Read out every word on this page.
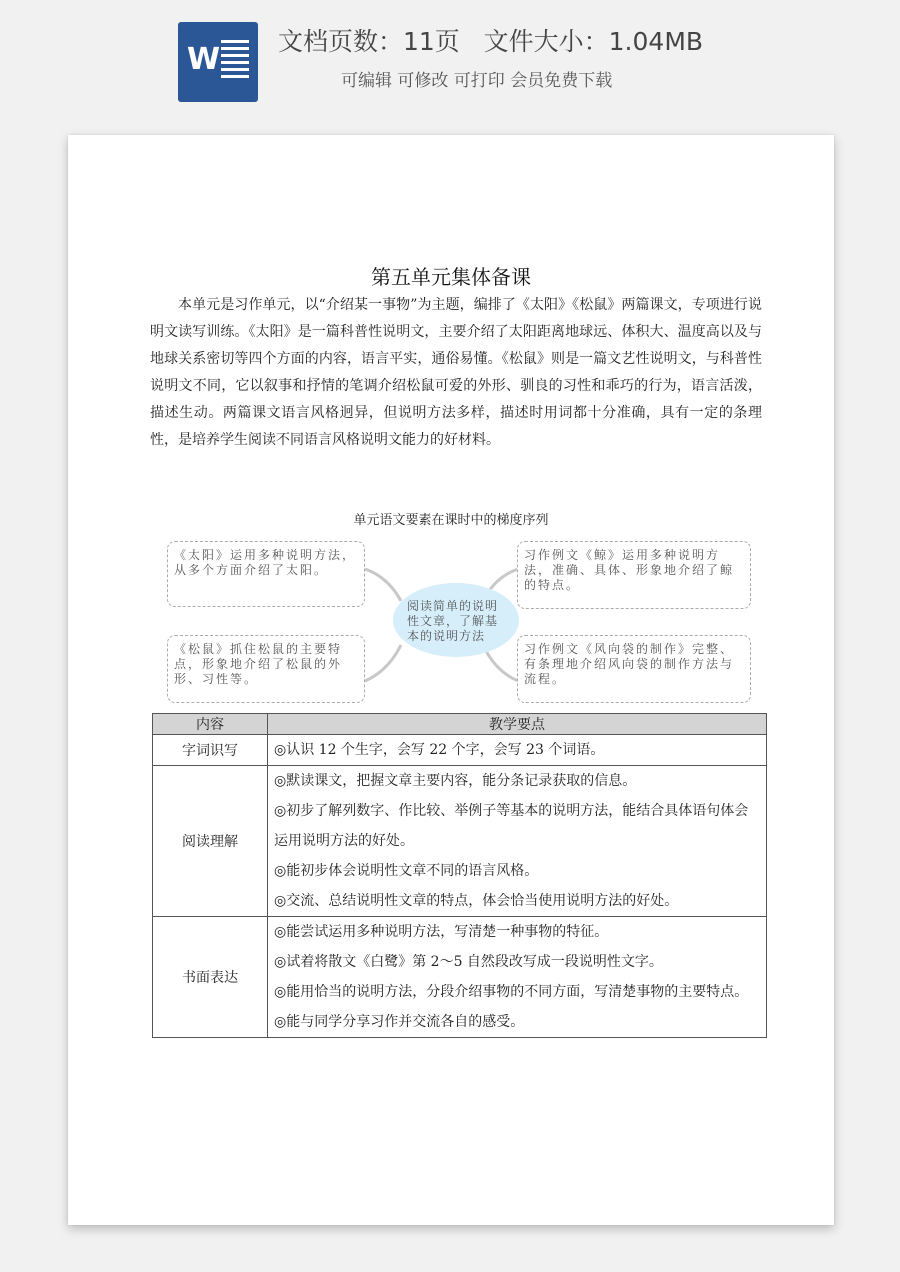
W
文档页数：11页   文件大小：1.04MB
可编辑 可修改 可打印 会员免费下载
第五单元集体备课

本单元是习作单元，以“介绍某一事物”为主题，编排了《太阳》《松鼠》两篇课文，专项进行说明文读写训练。《太阳》是一篇科普性说明文，主要介绍了太阳距离地球远、体积大、温度高以及与地球关系密切等四个方面的内容，语言平实，通俗易懂。《松鼠》则是一篇文艺性说明文，与科普性说明文不同，它以叙事和抒情的笔调介绍松鼠可爱的外形、驯良的习性和乖巧的行为，语言活泼，描述生动。两篇课文语言风格迥异，但说明方法多样，描述时用词都十分准确，具有一定的条理性，是培养学生阅读不同语言风格说明文能力的好材料。

单元语文要素在课时中的梯度序列
《太阳》运用多种说明方法，从多个方面介绍了太阳。
《松鼠》抓住松鼠的主要特点，形象地介绍了松鼠的外形、习性等。
习作例文《鲸》运用多种说明方法，准确、具体、形象地介绍了鲸的特点。
习作例文《风向袋的制作》完整、有条理地介绍风向袋的制作方法与流程。
阅读简单的说明性文章，了解基本的说明方法
内容	教学要点
字词识写	◎认识 12 个生字，会写 22 个字，会写 23 个词语。

阅读理解	◎默读课文，把握文章主要内容，能分条记录获取的信息。
◎初步了解列数字、作比较、举例子等基本的说明方法，能结合具体语句体会运用说明方法的好处。
◎能初步体会说明性文章不同的语言风格。
◎交流、总结说明性文章的特点，体会恰当使用说明方法的好处。

书面表达	◎能尝试运用多种说明方法，写清楚一种事物的特征。
◎试着将散文《白鹭》第 2～5 自然段改写成一段说明性文字。
◎能用恰当的说明方法，分段介绍事物的不同方面，写清楚事物的主要特点。
◎能与同学分享习作并交流各自的感受。
